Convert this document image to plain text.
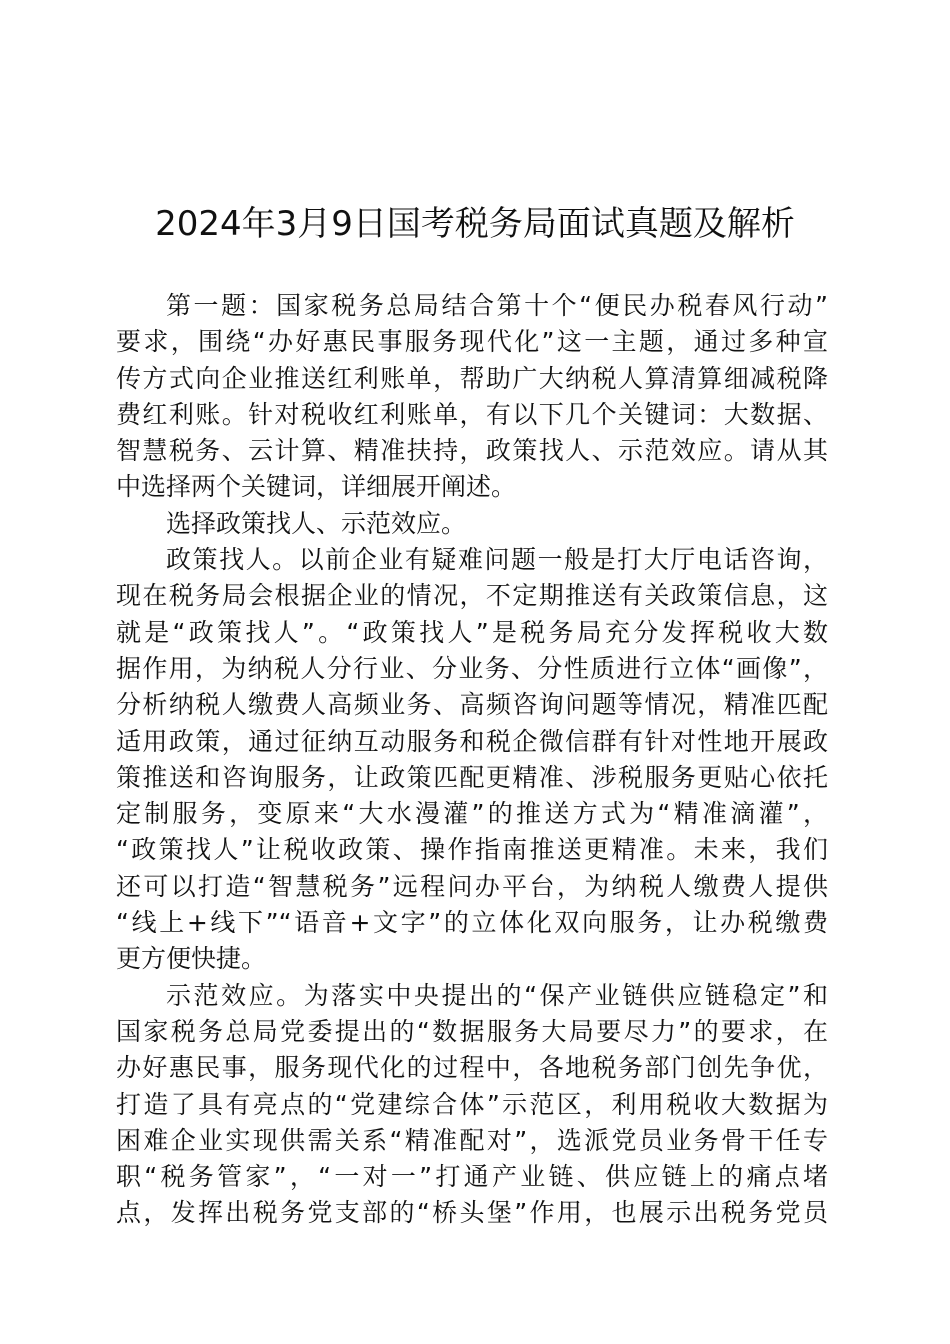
2024年3月9日国考税务局面试真题及解析
第一题：国家税务总局结合第十个“便民办税春风行动”
要求，围绕“办好惠民事服务现代化”这一主题，通过多种宣
传方式向企业推送红利账单，帮助广大纳税人算清算细减税降
费红利账。针对税收红利账单，有以下几个关键词：大数据、
智慧税务、云计算、精准扶持，政策找人、示范效应。请从其
中选择两个关键词，详细展开阐述。
选择政策找人、示范效应。
政策找人。以前企业有疑难问题一般是打大厅电话咨询，
现在税务局会根据企业的情况，不定期推送有关政策信息，这
就是“政策找人”。“政策找人”是税务局充分发挥税收大数
据作用，为纳税人分行业、分业务、分性质进行立体“画像”，
分析纳税人缴费人高频业务、高频咨询问题等情况，精准匹配
适用政策，通过征纳互动服务和税企微信群有针对性地开展政
策推送和咨询服务，让政策匹配更精准、涉税服务更贴心依托
定制服务，变原来“大水漫灌”的推送方式为“精准滴灌”，
“政策找人”让税收政策、操作指南推送更精准。未来，我们
还可以打造“智慧税务”远程问办平台，为纳税人缴费人提供
“线上+线下”“语音+文字”的立体化双向服务，让办税缴费
更方便快捷。
示范效应。为落实中央提出的“保产业链供应链稳定”和
国家税务总局党委提出的“数据服务大局要尽力”的要求，在
办好惠民事，服务现代化的过程中，各地税务部门创先争优，
打造了具有亮点的“党建综合体”示范区，利用税收大数据为
困难企业实现供需关系“精准配对”，选派党员业务骨干任专
职“税务管家”，“一对一”打通产业链、供应链上的痛点堵
点，发挥出税务党支部的“桥头堡”作用，也展示出税务党员
